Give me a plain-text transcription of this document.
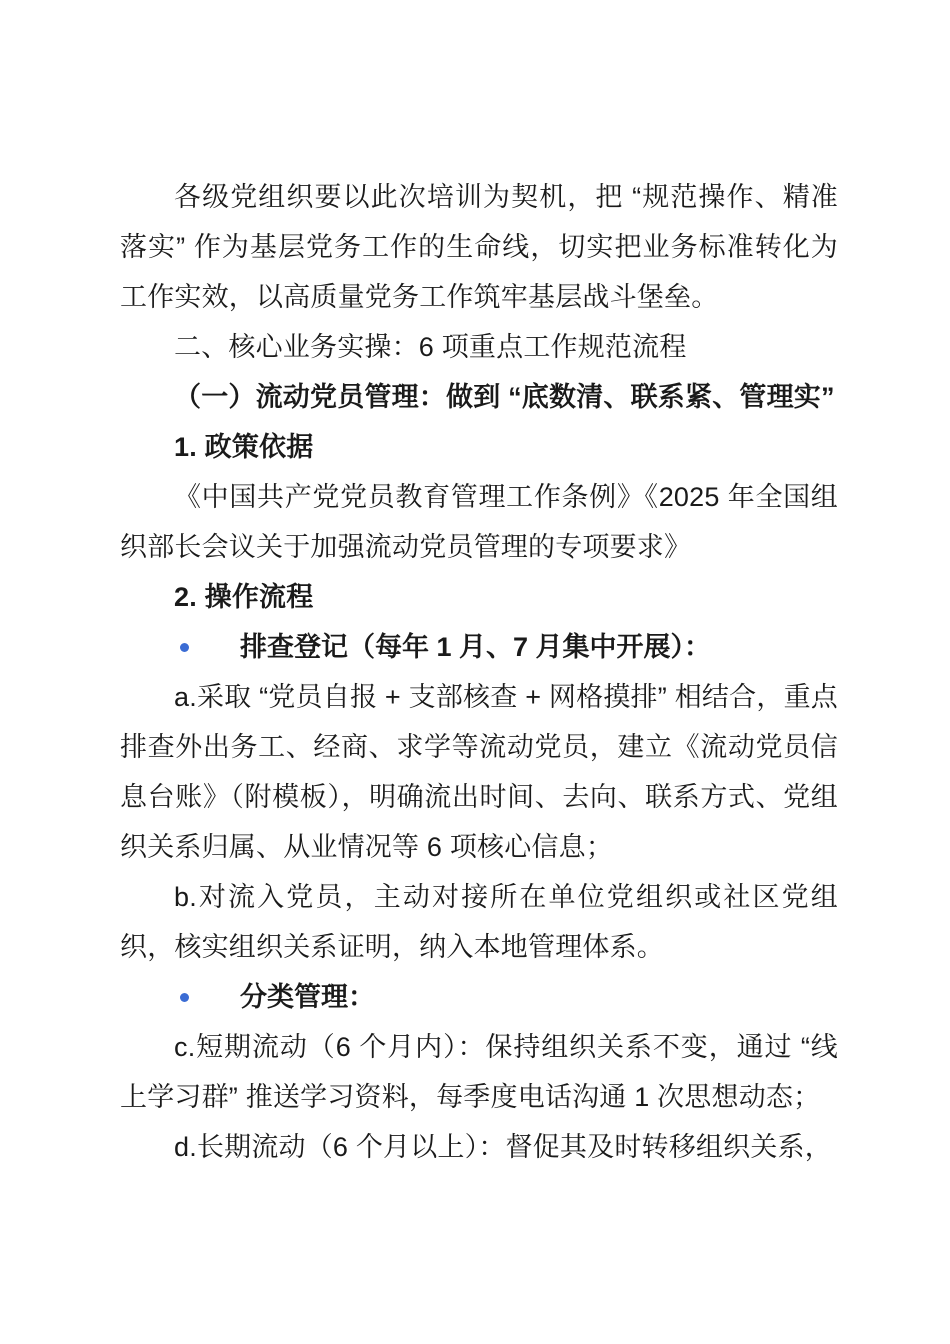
各级党组织要以此次培训为契机，把 “规范操作、精准落实” 作为基层党务工作的生命线，切实把业务标准转化为工作实效，以高质量党务工作筑牢基层战斗堡垒。

二、核心业务实操：6 项重点工作规范流程

（一）流动党员管理：做到 “底数清、联系紧、管理实”

1. 政策依据

《中国共产党党员教育管理工作条例》《2025 年全国组织部长会议关于加强流动党员管理的专项要求》

2. 操作流程

排查登记（每年 1 月、7 月集中开展）：

a.采取 “党员自报 + 支部核查 + 网格摸排” 相结合，重点排查外出务工、经商、求学等流动党员，建立《流动党员信息台账》（附模板），明确流出时间、去向、联系方式、党组织关系归属、从业情况等 6 项核心信息；

b.对流入党员，主动对接所在单位党组织或社区党组织，核实组织关系证明，纳入本地管理体系。

分类管理：

c.短期流动（6 个月内）：保持组织关系不变，通过 “线上学习群” 推送学习资料，每季度电话沟通 1 次思想动态；

d.长期流动（6 个月以上）：督促其及时转移组织关系，
